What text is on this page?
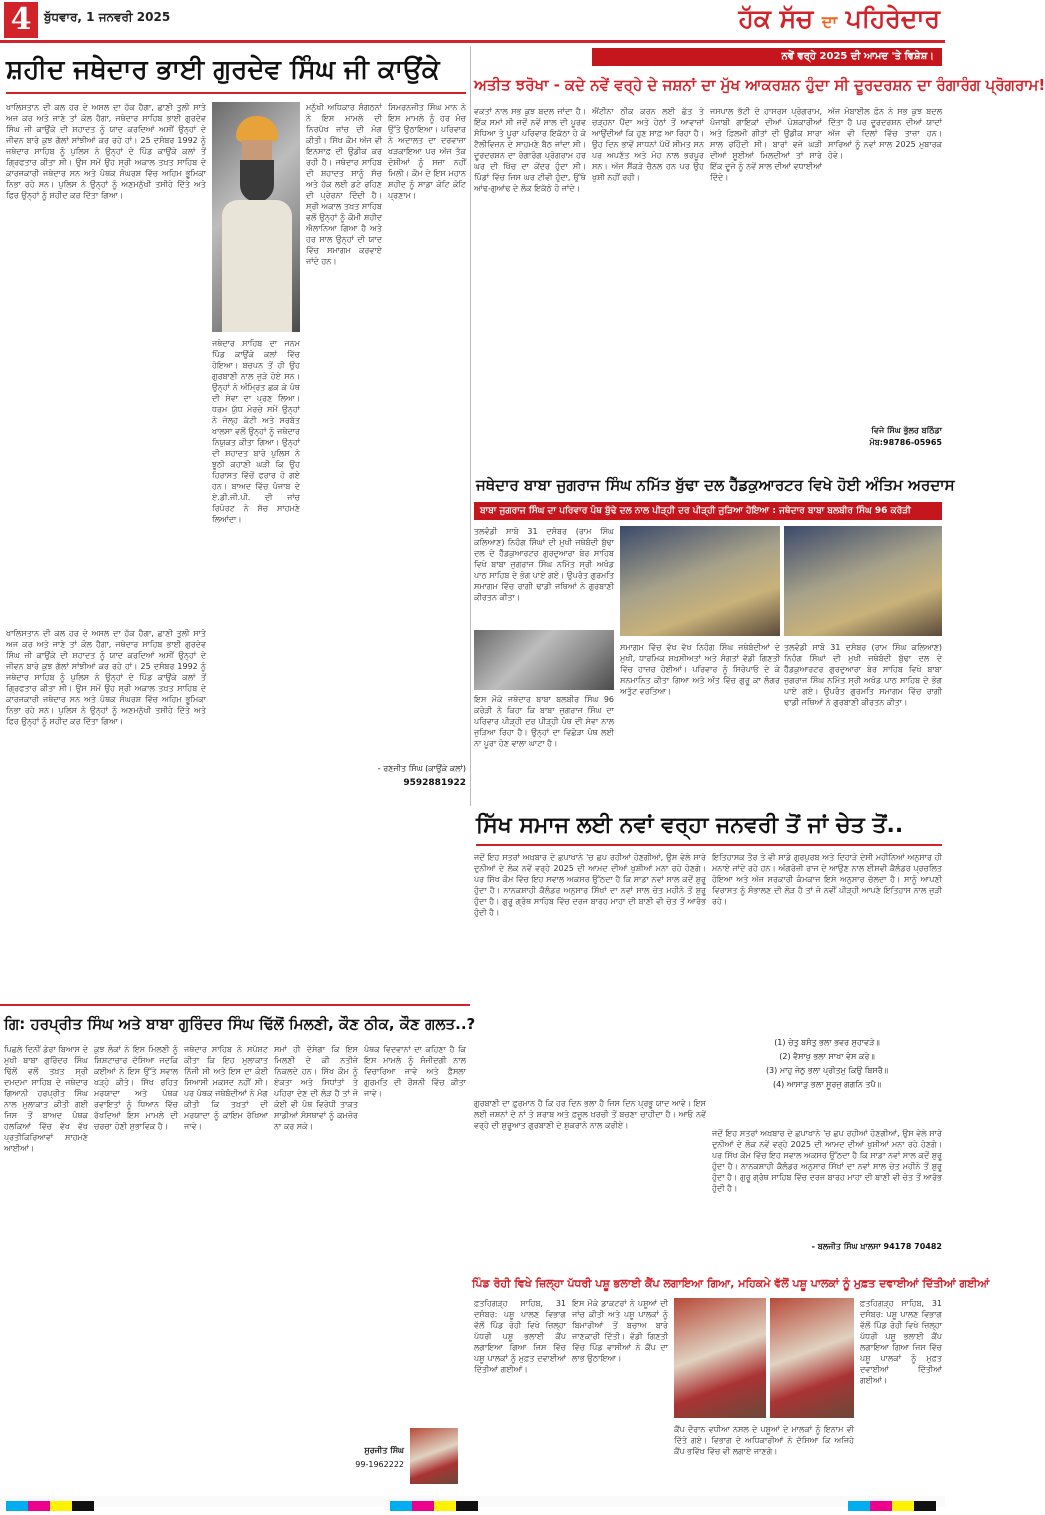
4	ਬੁੱਧਵਾਰ, 1 ਜਨਵਰੀ 2025	ਹੱਕ ਸੱਚ ਦਾ ਪਹਿਰੇਦਾਰ
ਸ਼ਹੀਦ ਜਥੇਦਾਰ ਭਾਈ ਗੁਰਦੇਵ ਸਿੰਘ ਜੀ ਕਾਉਂਕੇ
ਖਾਲਿਸਤਾਨ ਦੀ ਕਲ ਹਰ ਦੇ ਅਸਲ ਦਾ ਹੱਕ ਹੈਗਾ, ਛਾਣੀ ਤੁਲੀ ਸਾਤੇ ਅਜ ਕਰ ਅਤੇ ਜਾਣੇ ਤਾਂ ਕੋਲ ਹੈਗਾ, ਜਥੇਦਾਰ ਸਾਹਿਬ ਭਾਈ ਗੁਰਦੇਵ ਸਿੰਘ ਜੀ ਕਾਉਂਕੇ ਦੀ ਸ਼ਹਾਦਤ ਨੂੰ ਯਾਦ ਕਰਦਿਆਂ ਅਸੀਂ ਉਨ੍ਹਾਂ ਦੇ ਜੀਵਨ ਬਾਰੇ ਕੁਝ ਗੱਲਾਂ ਸਾਂਝੀਆਂ ਕਰ ਰਹੇ ਹਾਂ। 25 ਦਸੰਬਰ 1992 ਨੂੰ ਜਥੇਦਾਰ ਸਾਹਿਬ ਨੂੰ ਪੁਲਿਸ ਨੇ ਉਨ੍ਹਾਂ ਦੇ ਪਿੰਡ ਕਾਉਂਕੇ ਕਲਾਂ ਤੋਂ ਗ੍ਰਿਫਤਾਰ ਕੀਤਾ ਸੀ। ਉਸ ਸਮੇਂ ਉਹ ਸ੍ਰੀ ਅਕਾਲ ਤਖ਼ਤ ਸਾਹਿਬ ਦੇ ਕਾਰਜਕਾਰੀ ਜਥੇਦਾਰ ਸਨ ਅਤੇ ਪੰਥਕ ਸੰਘਰਸ਼ ਵਿੱਚ ਅਹਿਮ ਭੂਮਿਕਾ ਨਿਭਾ ਰਹੇ ਸਨ। ਪੁਲਿਸ ਨੇ ਉਨ੍ਹਾਂ ਨੂੰ ਅਣਮਨੁੱਖੀ ਤਸੀਹੇ ਦਿੱਤੇ ਅਤੇ ਫਿਰ ਉਨ੍ਹਾਂ ਨੂੰ ਸ਼ਹੀਦ ਕਰ ਦਿੱਤਾ ਗਿਆ।
ਜਥੇਦਾਰ ਸਾਹਿਬ ਦਾ ਜਨਮ ਪਿੰਡ ਕਾਉਂਕੇ ਕਲਾਂ ਵਿੱਚ ਹੋਇਆ। ਬਚਪਨ ਤੋਂ ਹੀ ਉਹ ਗੁਰਬਾਣੀ ਨਾਲ ਜੁੜੇ ਹੋਏ ਸਨ। ਉਨ੍ਹਾਂ ਨੇ ਅੰਮ੍ਰਿਤ ਛਕ ਕੇ ਪੰਥ ਦੀ ਸੇਵਾ ਦਾ ਪ੍ਰਣ ਲਿਆ। ਧਰਮ ਯੁੱਧ ਮੋਰਚੇ ਸਮੇਂ ਉਨ੍ਹਾਂ ਨੇ ਜੇਲ੍ਹ ਕੱਟੀ ਅਤੇ ਸਰਬੱਤ ਖਾਲਸਾ ਵਲੋਂ ਉਨ੍ਹਾਂ ਨੂੰ ਜਥੇਦਾਰ ਨਿਯੁਕਤ ਕੀਤਾ ਗਿਆ। ਉਨ੍ਹਾਂ ਦੀ ਸ਼ਹਾਦਤ ਬਾਰੇ ਪੁਲਿਸ ਨੇ ਝੂਠੀ ਕਹਾਣੀ ਘੜੀ ਕਿ ਉਹ ਹਿਰਾਸਤ ਵਿੱਚੋਂ ਫਰਾਰ ਹੋ ਗਏ ਹਨ। ਬਾਅਦ ਵਿੱਚ ਪੰਜਾਬ ਦੇ ਏ.ਡੀ.ਜੀ.ਪੀ. ਦੀ ਜਾਂਚ ਰਿਪੋਰਟ ਨੇ ਸੱਚ ਸਾਹਮਣੇ ਲਿਆਂਦਾ।
ਮਨੁੱਖੀ ਅਧਿਕਾਰ ਸੰਗਠਨਾਂ ਨੇ ਇਸ ਮਾਮਲੇ ਦੀ ਨਿਰਪੱਖ ਜਾਂਚ ਦੀ ਮੰਗ ਕੀਤੀ। ਸਿੱਖ ਕੌਮ ਅੱਜ ਵੀ ਇਨਸਾਫ਼ ਦੀ ਉਡੀਕ ਕਰ ਰਹੀ ਹੈ। ਜਥੇਦਾਰ ਸਾਹਿਬ ਦੀ ਸ਼ਹਾਦਤ ਸਾਨੂੰ ਸੱਚ ਅਤੇ ਹੱਕ ਲਈ ਡਟੇ ਰਹਿਣ ਦੀ ਪ੍ਰੇਰਨਾ ਦਿੰਦੀ ਹੈ। ਸ੍ਰੀ ਅਕਾਲ ਤਖ਼ਤ ਸਾਹਿਬ ਵਲੋਂ ਉਨ੍ਹਾਂ ਨੂੰ ਕੌਮੀ ਸ਼ਹੀਦ ਐਲਾਨਿਆ ਗਿਆ ਹੈ ਅਤੇ ਹਰ ਸਾਲ ਉਨ੍ਹਾਂ ਦੀ ਯਾਦ ਵਿੱਚ ਸਮਾਗਮ ਕਰਵਾਏ ਜਾਂਦੇ ਹਨ।
ਸਿਮਰਨਜੀਤ ਸਿੰਘ ਮਾਨ ਨੇ ਇਸ ਮਾਮਲੇ ਨੂੰ ਹਰ ਮੰਚ ਉੱਤੇ ਉਠਾਇਆ। ਪਰਿਵਾਰ ਨੇ ਅਦਾਲਤ ਦਾ ਦਰਵਾਜ਼ਾ ਖੜਕਾਇਆ ਪਰ ਅੱਜ ਤੱਕ ਦੋਸ਼ੀਆਂ ਨੂੰ ਸਜ਼ਾ ਨਹੀਂ ਮਿਲੀ। ਕੌਮ ਦੇ ਇਸ ਮਹਾਨ ਸ਼ਹੀਦ ਨੂੰ ਸਾਡਾ ਕੋਟਿ ਕੋਟਿ ਪ੍ਰਣਾਮ।
ਖਾਲਿਸਤਾਨ ਦੀ ਕਲ ਹਰ ਦੇ ਅਸਲ ਦਾ ਹੱਕ ਹੈਗਾ, ਛਾਣੀ ਤੁਲੀ ਸਾਤੇ ਅਜ ਕਰ ਅਤੇ ਜਾਣੇ ਤਾਂ ਕੋਲ ਹੈਗਾ, ਜਥੇਦਾਰ ਸਾਹਿਬ ਭਾਈ ਗੁਰਦੇਵ ਸਿੰਘ ਜੀ ਕਾਉਂਕੇ ਦੀ ਸ਼ਹਾਦਤ ਨੂੰ ਯਾਦ ਕਰਦਿਆਂ ਅਸੀਂ ਉਨ੍ਹਾਂ ਦੇ ਜੀਵਨ ਬਾਰੇ ਕੁਝ ਗੱਲਾਂ ਸਾਂਝੀਆਂ ਕਰ ਰਹੇ ਹਾਂ। 25 ਦਸੰਬਰ 1992 ਨੂੰ ਜਥੇਦਾਰ ਸਾਹਿਬ ਨੂੰ ਪੁਲਿਸ ਨੇ ਉਨ੍ਹਾਂ ਦੇ ਪਿੰਡ ਕਾਉਂਕੇ ਕਲਾਂ ਤੋਂ ਗ੍ਰਿਫਤਾਰ ਕੀਤਾ ਸੀ। ਉਸ ਸਮੇਂ ਉਹ ਸ੍ਰੀ ਅਕਾਲ ਤਖ਼ਤ ਸਾਹਿਬ ਦੇ ਕਾਰਜਕਾਰੀ ਜਥੇਦਾਰ ਸਨ ਅਤੇ ਪੰਥਕ ਸੰਘਰਸ਼ ਵਿੱਚ ਅਹਿਮ ਭੂਮਿਕਾ ਨਿਭਾ ਰਹੇ ਸਨ। ਪੁਲਿਸ ਨੇ ਉਨ੍ਹਾਂ ਨੂੰ ਅਣਮਨੁੱਖੀ ਤਸੀਹੇ ਦਿੱਤੇ ਅਤੇ ਫਿਰ ਉਨ੍ਹਾਂ ਨੂੰ ਸ਼ਹੀਦ ਕਰ ਦਿੱਤਾ ਗਿਆ।
- ਰਣਜੀਤ ਸਿੰਘ (ਕਾਉਂਕੇ ਕਲਾਂ)
9592881922
ਨਵੇਂ ਵਰ੍ਹੇ 2025 ਦੀ ਆਮਦ 'ਤੇ ਵਿਸ਼ੇਸ਼।
ਅਤੀਤ ਝਰੋਖਾ - ਕਦੇ ਨਵੇਂ ਵਰ੍ਹੇ ਦੇ ਜਸ਼ਨਾਂ ਦਾ ਮੁੱਖ ਆਕਰਸ਼ਨ ਹੁੰਦਾ ਸੀ ਦੂਰਦਰਸ਼ਨ ਦਾ ਰੰਗਾਰੰਗ ਪ੍ਰੋਗਰਾਮ!
ਵਕਤਾਂ ਨਾਲ ਸਭ ਕੁਝ ਬਦਲ ਜਾਂਦਾ ਹੈ। ਇੱਕ ਸਮਾਂ ਸੀ ਜਦੋਂ ਨਵੇਂ ਸਾਲ ਦੀ ਪੂਰਵ ਸੰਧਿਆ ਤੇ ਪੂਰਾ ਪਰਿਵਾਰ ਇਕੱਠਾ ਹੋ ਕੇ ਟੈਲੀਵਿਜ਼ਨ ਦੇ ਸਾਹਮਣੇ ਬੈਠ ਜਾਂਦਾ ਸੀ। ਦੂਰਦਰਸ਼ਨ ਦਾ ਰੰਗਾਰੰਗ ਪ੍ਰੋਗਰਾਮ ਹਰ ਘਰ ਦੀ ਖਿੱਚ ਦਾ ਕੇਂਦਰ ਹੁੰਦਾ ਸੀ। ਪਿੰਡਾਂ ਵਿੱਚ ਜਿਸ ਘਰ ਟੀਵੀ ਹੁੰਦਾ, ਉੱਥੇ ਆਂਢ-ਗੁਆਂਢ ਦੇ ਲੋਕ ਇਕੱਠੇ ਹੋ ਜਾਂਦੇ।
ਐਂਟੀਨਾ ਠੀਕ ਕਰਨ ਲਈ ਛੱਤ ਤੇ ਚੜ੍ਹਨਾ ਪੈਂਦਾ ਅਤੇ ਹੇਠਾਂ ਤੋਂ ਆਵਾਜ਼ਾਂ ਆਉਂਦੀਆਂ ਕਿ ਹੁਣ ਸਾਫ਼ ਆ ਰਿਹਾ ਹੈ। ਉਹ ਦਿਨ ਭਾਵੇਂ ਸਾਧਨਾਂ ਪੱਖੋਂ ਸੀਮਤ ਸਨ ਪਰ ਅਪਣੱਤ ਅਤੇ ਮੋਹ ਨਾਲ ਭਰਪੂਰ ਸਨ। ਅੱਜ ਸੈਂਕੜੇ ਚੈਨਲ ਹਨ ਪਰ ਉਹ ਖੁਸ਼ੀ ਨਹੀਂ ਰਹੀ।
ਜਸਪਾਲ ਭੱਟੀ ਦੇ ਹਾਸਰਸ ਪ੍ਰੋਗਰਾਮ, ਪੰਜਾਬੀ ਗਾਇਕਾਂ ਦੀਆਂ ਪੇਸ਼ਕਾਰੀਆਂ ਅਤੇ ਫ਼ਿਲਮੀ ਗੀਤਾਂ ਦੀ ਉਡੀਕ ਸਾਰਾ ਸਾਲ ਰਹਿੰਦੀ ਸੀ। ਬਾਰਾਂ ਵਜੇ ਘੜੀ ਦੀਆਂ ਸੂਈਆਂ ਮਿਲਦੀਆਂ ਤਾਂ ਸਾਰੇ ਇੱਕ ਦੂਜੇ ਨੂੰ ਨਵੇਂ ਸਾਲ ਦੀਆਂ ਵਧਾਈਆਂ ਦਿੰਦੇ।
ਅੱਜ ਮੋਬਾਈਲ ਫ਼ੋਨ ਨੇ ਸਭ ਕੁਝ ਬਦਲ ਦਿੱਤਾ ਹੈ ਪਰ ਦੂਰਦਰਸ਼ਨ ਦੀਆਂ ਯਾਦਾਂ ਅੱਜ ਵੀ ਦਿਲਾਂ ਵਿੱਚ ਤਾਜ਼ਾ ਹਨ। ਸਾਰਿਆਂ ਨੂੰ ਨਵਾਂ ਸਾਲ 2025 ਮੁਬਾਰਕ ਹੋਵੇ।
ਵਿਜੇ ਸਿੰਘ ਭੁੱਲਰ ਬਠਿੰਡਾ
ਮੋਬ:98786-05965
ਜਥੇਦਾਰ ਬਾਬਾ ਜੁਗਰਾਜ ਸਿੰਘ ਨਮਿੱਤ ਬੁੱਢਾ ਦਲ ਹੈੱਡਕੁਆਰਟਰ ਵਿਖੇ ਹੋਈ ਅੰਤਿਮ ਅਰਦਾਸ
ਬਾਬਾ ਜੁਗਰਾਜ ਸਿੰਘ ਦਾ ਪਰਿਵਾਰ ਪੰਥ ਬੁੱਢੇ ਦਲ ਨਾਲ ਪੀੜ੍ਹੀ ਦਰ ਪੀੜ੍ਹੀ ਜੁੜਿਆ ਹੋਇਆ : ਜਥੇਦਾਰ ਬਾਬਾ ਬਲਬੀਰ ਸਿੰਘ 96 ਕਰੋੜੀ
ਤਲਵੰਡੀ ਸਾਬੋ 31 ਦਸੰਬਰ (ਰਾਮ ਸਿੰਘ ਕਲਿਆਣ) ਨਿਹੰਗ ਸਿੰਘਾਂ ਦੀ ਮੁਖੀ ਜਥੇਬੰਦੀ ਬੁੱਢਾ ਦਲ ਦੇ ਹੈੱਡਕੁਆਰਟਰ ਗੁਰਦੁਆਰਾ ਬੇਰ ਸਾਹਿਬ ਵਿਖੇ ਬਾਬਾ ਜੁਗਰਾਜ ਸਿੰਘ ਨਮਿੱਤ ਸ੍ਰੀ ਅਖੰਡ ਪਾਠ ਸਾਹਿਬ ਦੇ ਭੋਗ ਪਾਏ ਗਏ। ਉਪਰੰਤ ਗੁਰਮਤਿ ਸਮਾਗਮ ਵਿੱਚ ਰਾਗੀ ਢਾਡੀ ਜਥਿਆਂ ਨੇ ਗੁਰਬਾਣੀ ਕੀਰਤਨ ਕੀਤਾ।
ਇਸ ਮੌਕੇ ਜਥੇਦਾਰ ਬਾਬਾ ਬਲਬੀਰ ਸਿੰਘ 96 ਕਰੋੜੀ ਨੇ ਕਿਹਾ ਕਿ ਬਾਬਾ ਜੁਗਰਾਜ ਸਿੰਘ ਦਾ ਪਰਿਵਾਰ ਪੀੜ੍ਹੀ ਦਰ ਪੀੜ੍ਹੀ ਪੰਥ ਦੀ ਸੇਵਾ ਨਾਲ ਜੁੜਿਆ ਰਿਹਾ ਹੈ। ਉਨ੍ਹਾਂ ਦਾ ਵਿਛੋੜਾ ਪੰਥ ਲਈ ਨਾ ਪੂਰਾ ਹੋਣ ਵਾਲਾ ਘਾਟਾ ਹੈ।
ਸਮਾਗਮ ਵਿੱਚ ਵੱਖ ਵੱਖ ਨਿਹੰਗ ਸਿੰਘ ਜਥੇਬੰਦੀਆਂ ਦੇ ਮੁਖੀ, ਧਾਰਮਿਕ ਸ਼ਖ਼ਸੀਅਤਾਂ ਅਤੇ ਸੰਗਤਾਂ ਵੱਡੀ ਗਿਣਤੀ ਵਿੱਚ ਹਾਜ਼ਰ ਹੋਈਆਂ। ਪਰਿਵਾਰ ਨੂੰ ਸਿਰੋਪਾਓ ਦੇ ਕੇ ਸਨਮਾਨਿਤ ਕੀਤਾ ਗਿਆ ਅਤੇ ਅੰਤ ਵਿੱਚ ਗੁਰੂ ਕਾ ਲੰਗਰ ਅਤੁੱਟ ਵਰਤਿਆ।
ਤਲਵੰਡੀ ਸਾਬੋ 31 ਦਸੰਬਰ (ਰਾਮ ਸਿੰਘ ਕਲਿਆਣ) ਨਿਹੰਗ ਸਿੰਘਾਂ ਦੀ ਮੁਖੀ ਜਥੇਬੰਦੀ ਬੁੱਢਾ ਦਲ ਦੇ ਹੈੱਡਕੁਆਰਟਰ ਗੁਰਦੁਆਰਾ ਬੇਰ ਸਾਹਿਬ ਵਿਖੇ ਬਾਬਾ ਜੁਗਰਾਜ ਸਿੰਘ ਨਮਿੱਤ ਸ੍ਰੀ ਅਖੰਡ ਪਾਠ ਸਾਹਿਬ ਦੇ ਭੋਗ ਪਾਏ ਗਏ। ਉਪਰੰਤ ਗੁਰਮਤਿ ਸਮਾਗਮ ਵਿੱਚ ਰਾਗੀ ਢਾਡੀ ਜਥਿਆਂ ਨੇ ਗੁਰਬਾਣੀ ਕੀਰਤਨ ਕੀਤਾ।
ਸਿੱਖ ਸਮਾਜ ਲਈ ਨਵਾਂ ਵਰ੍ਹਾ ਜਨਵਰੀ ਤੋਂ ਜਾਂ ਚੇਤ ਤੋਂ..
ਜਦੋਂ ਇਹ ਸਤਰਾਂ ਅਖ਼ਬਾਰ ਦੇ ਛਪਾਖਾਨੇ 'ਚ ਛਪ ਰਹੀਆਂ ਹੋਣਗੀਆਂ, ਉਸ ਵੇਲੇ ਸਾਰੇ ਦੁਨੀਆਂ ਦੇ ਲੋਕ ਨਵੇਂ ਵਰ੍ਹੇ 2025 ਦੀ ਆਮਦ ਦੀਆਂ ਖੁਸ਼ੀਆਂ ਮਨਾ ਰਹੇ ਹੋਣਗੇ। ਪਰ ਸਿੱਖ ਕੌਮ ਵਿੱਚ ਇਹ ਸਵਾਲ ਅਕਸਰ ਉੱਠਦਾ ਹੈ ਕਿ ਸਾਡਾ ਨਵਾਂ ਸਾਲ ਕਦੋਂ ਸ਼ੁਰੂ ਹੁੰਦਾ ਹੈ। ਨਾਨਕਸ਼ਾਹੀ ਕੈਲੰਡਰ ਅਨੁਸਾਰ ਸਿੱਖਾਂ ਦਾ ਨਵਾਂ ਸਾਲ ਚੇਤ ਮਹੀਨੇ ਤੋਂ ਸ਼ੁਰੂ ਹੁੰਦਾ ਹੈ। ਗੁਰੂ ਗ੍ਰੰਥ ਸਾਹਿਬ ਵਿੱਚ ਦਰਜ ਬਾਰਹ ਮਾਹਾ ਦੀ ਬਾਣੀ ਵੀ ਚੇਤ ਤੋਂ ਆਰੰਭ ਹੁੰਦੀ ਹੈ।
ਇਤਿਹਾਸਕ ਤੌਰ ਤੇ ਵੀ ਸਾਡੇ ਗੁਰਪੁਰਬ ਅਤੇ ਦਿਹਾੜੇ ਦੇਸੀ ਮਹੀਨਿਆਂ ਅਨੁਸਾਰ ਹੀ ਮਨਾਏ ਜਾਂਦੇ ਰਹੇ ਹਨ। ਅੰਗਰੇਜ਼ੀ ਰਾਜ ਦੇ ਆਉਣ ਨਾਲ ਈਸਵੀ ਕੈਲੰਡਰ ਪ੍ਰਚਲਿਤ ਹੋਇਆ ਅਤੇ ਅੱਜ ਸਰਕਾਰੀ ਕੰਮਕਾਜ ਇਸੇ ਅਨੁਸਾਰ ਚੱਲਦਾ ਹੈ। ਸਾਨੂੰ ਆਪਣੀ ਵਿਰਾਸਤ ਨੂੰ ਸੰਭਾਲਣ ਦੀ ਲੋੜ ਹੈ ਤਾਂ ਜੋ ਨਵੀਂ ਪੀੜ੍ਹੀ ਆਪਣੇ ਇਤਿਹਾਸ ਨਾਲ ਜੁੜੀ ਰਹੇ।
(1) ਚੇਤੁ ਬਸੰਤੁ ਭਲਾ ਭਵਰ ਸੁਹਾਵੜੇ॥
(2) ਵੈਸਾਖੁ ਭਲਾ ਸਾਖਾ ਵੇਸ ਕਰੇ॥
(3) ਮਾਹੁ ਜੇਠੁ ਭਲਾ ਪ੍ਰੀਤਮੁ ਕਿਉ ਬਿਸਰੈ॥
(4) ਆਸਾੜੁ ਭਲਾ ਸੂਰਜੁ ਗਗਨਿ ਤਪੈ॥
ਗੁਰਬਾਣੀ ਦਾ ਫ਼ੁਰਮਾਨ ਹੈ ਕਿ ਹਰ ਦਿਨ ਭਲਾ ਹੈ ਜਿਸ ਦਿਨ ਪ੍ਰਭੂ ਯਾਦ ਆਵੇ। ਇਸ ਲਈ ਜਸ਼ਨਾਂ ਦੇ ਨਾਂ ਤੇ ਸ਼ਰਾਬ ਅਤੇ ਫ਼ਜ਼ੂਲ ਖ਼ਰਚੀ ਤੋਂ ਬਚਣਾ ਚਾਹੀਦਾ ਹੈ। ਆਓ ਨਵੇਂ ਵਰ੍ਹੇ ਦੀ ਸ਼ੁਰੂਆਤ ਗੁਰਬਾਣੀ ਦੇ ਸ਼ੁਕਰਾਨੇ ਨਾਲ ਕਰੀਏ।
ਜਦੋਂ ਇਹ ਸਤਰਾਂ ਅਖ਼ਬਾਰ ਦੇ ਛਪਾਖਾਨੇ 'ਚ ਛਪ ਰਹੀਆਂ ਹੋਣਗੀਆਂ, ਉਸ ਵੇਲੇ ਸਾਰੇ ਦੁਨੀਆਂ ਦੇ ਲੋਕ ਨਵੇਂ ਵਰ੍ਹੇ 2025 ਦੀ ਆਮਦ ਦੀਆਂ ਖੁਸ਼ੀਆਂ ਮਨਾ ਰਹੇ ਹੋਣਗੇ। ਪਰ ਸਿੱਖ ਕੌਮ ਵਿੱਚ ਇਹ ਸਵਾਲ ਅਕਸਰ ਉੱਠਦਾ ਹੈ ਕਿ ਸਾਡਾ ਨਵਾਂ ਸਾਲ ਕਦੋਂ ਸ਼ੁਰੂ ਹੁੰਦਾ ਹੈ। ਨਾਨਕਸ਼ਾਹੀ ਕੈਲੰਡਰ ਅਨੁਸਾਰ ਸਿੱਖਾਂ ਦਾ ਨਵਾਂ ਸਾਲ ਚੇਤ ਮਹੀਨੇ ਤੋਂ ਸ਼ੁਰੂ ਹੁੰਦਾ ਹੈ। ਗੁਰੂ ਗ੍ਰੰਥ ਸਾਹਿਬ ਵਿੱਚ ਦਰਜ ਬਾਰਹ ਮਾਹਾ ਦੀ ਬਾਣੀ ਵੀ ਚੇਤ ਤੋਂ ਆਰੰਭ ਹੁੰਦੀ ਹੈ।
- ਬਲਜੀਤ ਸਿੰਘ ਖ਼ਾਲਸਾ 94178 70482
ਗਿ: ਹਰਪ੍ਰੀਤ ਸਿੰਘ ਅਤੇ ਬਾਬਾ ਗੁਰਿੰਦਰ ਸਿੰਘ ਢਿੱਲੋਂ ਮਿਲਣੀ, ਕੌਣ ਠੀਕ, ਕੌਣ ਗਲਤ..?
ਪਿਛਲੇ ਦਿਨੀਂ ਡੇਰਾ ਬਿਆਸ ਦੇ ਮੁਖੀ ਬਾਬਾ ਗੁਰਿੰਦਰ ਸਿੰਘ ਢਿੱਲੋਂ ਵਲੋਂ ਤਖ਼ਤ ਸ੍ਰੀ ਦਮਦਮਾ ਸਾਹਿਬ ਦੇ ਜਥੇਦਾਰ ਗਿਆਨੀ ਹਰਪ੍ਰੀਤ ਸਿੰਘ ਨਾਲ ਮੁਲਾਕਾਤ ਕੀਤੀ ਗਈ ਜਿਸ ਤੋਂ ਬਾਅਦ ਪੰਥਕ ਹਲਕਿਆਂ ਵਿੱਚ ਵੱਖ ਵੱਖ ਪ੍ਰਤੀਕਿਰਿਆਵਾਂ ਸਾਹਮਣੇ ਆਈਆਂ।
ਕੁਝ ਲੋਕਾਂ ਨੇ ਇਸ ਮਿਲਣੀ ਨੂੰ ਸ਼ਿਸ਼ਟਾਚਾਰ ਦੱਸਿਆ ਜਦਕਿ ਕਈਆਂ ਨੇ ਇਸ ਉੱਤੇ ਸਵਾਲ ਖੜ੍ਹੇ ਕੀਤੇ। ਸਿੱਖ ਰਹਿਤ ਮਰਯਾਦਾ ਅਤੇ ਪੰਥਕ ਰਵਾਇਤਾਂ ਨੂੰ ਧਿਆਨ ਵਿੱਚ ਰੱਖਦਿਆਂ ਇਸ ਮਾਮਲੇ ਦੀ ਚਰਚਾ ਹੋਣੀ ਸੁਭਾਵਿਕ ਹੈ।
ਜਥੇਦਾਰ ਸਾਹਿਬ ਨੇ ਸਪੱਸ਼ਟ ਕੀਤਾ ਕਿ ਇਹ ਮੁਲਾਕਾਤ ਨਿੱਜੀ ਸੀ ਅਤੇ ਇਸ ਦਾ ਕੋਈ ਸਿਆਸੀ ਮਕਸਦ ਨਹੀਂ ਸੀ। ਪਰ ਪੰਥਕ ਜਥੇਬੰਦੀਆਂ ਨੇ ਮੰਗ ਕੀਤੀ ਕਿ ਤਖ਼ਤਾਂ ਦੀ ਮਰਯਾਦਾ ਨੂੰ ਕਾਇਮ ਰੱਖਿਆ ਜਾਵੇ।
ਸਮਾਂ ਹੀ ਦੱਸੇਗਾ ਕਿ ਇਸ ਮਿਲਣੀ ਦੇ ਕੀ ਨਤੀਜੇ ਨਿਕਲਦੇ ਹਨ। ਸਿੱਖ ਕੌਮ ਨੂੰ ਏਕਤਾ ਅਤੇ ਸਿਧਾਂਤਾਂ ਤੇ ਪਹਿਰਾ ਦੇਣ ਦੀ ਲੋੜ ਹੈ ਤਾਂ ਜੋ ਕੋਈ ਵੀ ਪੰਥ ਵਿਰੋਧੀ ਤਾਕਤ ਸਾਡੀਆਂ ਸੰਸਥਾਵਾਂ ਨੂੰ ਕਮਜ਼ੋਰ ਨਾ ਕਰ ਸਕੇ।
ਪੰਥਕ ਵਿਦਵਾਨਾਂ ਦਾ ਕਹਿਣਾ ਹੈ ਕਿ ਇਸ ਮਾਮਲੇ ਨੂੰ ਸੰਜੀਦਗੀ ਨਾਲ ਵਿਚਾਰਿਆ ਜਾਵੇ ਅਤੇ ਫ਼ੈਸਲਾ ਗੁਰਮਤਿ ਦੀ ਰੌਸ਼ਨੀ ਵਿੱਚ ਕੀਤਾ ਜਾਵੇ।
ਸੁਰਜੀਤ ਸਿੰਘ
99-1962222
ਪਿੰਡ ਰੋਹੀ ਵਿਖੇ ਜ਼ਿਲ੍ਹਾ ਪੱਧਰੀ ਪਸ਼ੂ ਭਲਾਈ ਕੈਂਪ ਲਗਾਇਆ ਗਿਆ, ਮਹਿਕਮੇ ਵੱਲੋਂ ਪਸ਼ੂ ਪਾਲਕਾਂ ਨੂੰ ਮੁਫ਼ਤ ਦਵਾਈਆਂ ਦਿੱਤੀਆਂ ਗਈਆਂ
ਫ਼ਤਹਿਗੜ੍ਹ ਸਾਹਿਬ, 31 ਦਸੰਬਰ: ਪਸ਼ੂ ਪਾਲਣ ਵਿਭਾਗ ਵੱਲੋਂ ਪਿੰਡ ਰੋਹੀ ਵਿਖੇ ਜ਼ਿਲ੍ਹਾ ਪੱਧਰੀ ਪਸ਼ੂ ਭਲਾਈ ਕੈਂਪ ਲਗਾਇਆ ਗਿਆ ਜਿਸ ਵਿੱਚ ਪਸ਼ੂ ਪਾਲਕਾਂ ਨੂੰ ਮੁਫ਼ਤ ਦਵਾਈਆਂ ਦਿੱਤੀਆਂ ਗਈਆਂ।
ਇਸ ਮੌਕੇ ਡਾਕਟਰਾਂ ਨੇ ਪਸ਼ੂਆਂ ਦੀ ਜਾਂਚ ਕੀਤੀ ਅਤੇ ਪਸ਼ੂ ਪਾਲਕਾਂ ਨੂੰ ਬਿਮਾਰੀਆਂ ਤੋਂ ਬਚਾਅ ਬਾਰੇ ਜਾਣਕਾਰੀ ਦਿੱਤੀ। ਵੱਡੀ ਗਿਣਤੀ ਵਿੱਚ ਪਿੰਡ ਵਾਸੀਆਂ ਨੇ ਕੈਂਪ ਦਾ ਲਾਭ ਉਠਾਇਆ।
ਕੈਂਪ ਦੌਰਾਨ ਵਧੀਆ ਨਸਲ ਦੇ ਪਸ਼ੂਆਂ ਦੇ ਮਾਲਕਾਂ ਨੂੰ ਇਨਾਮ ਵੀ ਦਿੱਤੇ ਗਏ। ਵਿਭਾਗ ਦੇ ਅਧਿਕਾਰੀਆਂ ਨੇ ਦੱਸਿਆ ਕਿ ਅਜਿਹੇ ਕੈਂਪ ਭਵਿੱਖ ਵਿੱਚ ਵੀ ਲਗਾਏ ਜਾਣਗੇ।
ਫ਼ਤਹਿਗੜ੍ਹ ਸਾਹਿਬ, 31 ਦਸੰਬਰ: ਪਸ਼ੂ ਪਾਲਣ ਵਿਭਾਗ ਵੱਲੋਂ ਪਿੰਡ ਰੋਹੀ ਵਿਖੇ ਜ਼ਿਲ੍ਹਾ ਪੱਧਰੀ ਪਸ਼ੂ ਭਲਾਈ ਕੈਂਪ ਲਗਾਇਆ ਗਿਆ ਜਿਸ ਵਿੱਚ ਪਸ਼ੂ ਪਾਲਕਾਂ ਨੂੰ ਮੁਫ਼ਤ ਦਵਾਈਆਂ ਦਿੱਤੀਆਂ ਗਈਆਂ।
